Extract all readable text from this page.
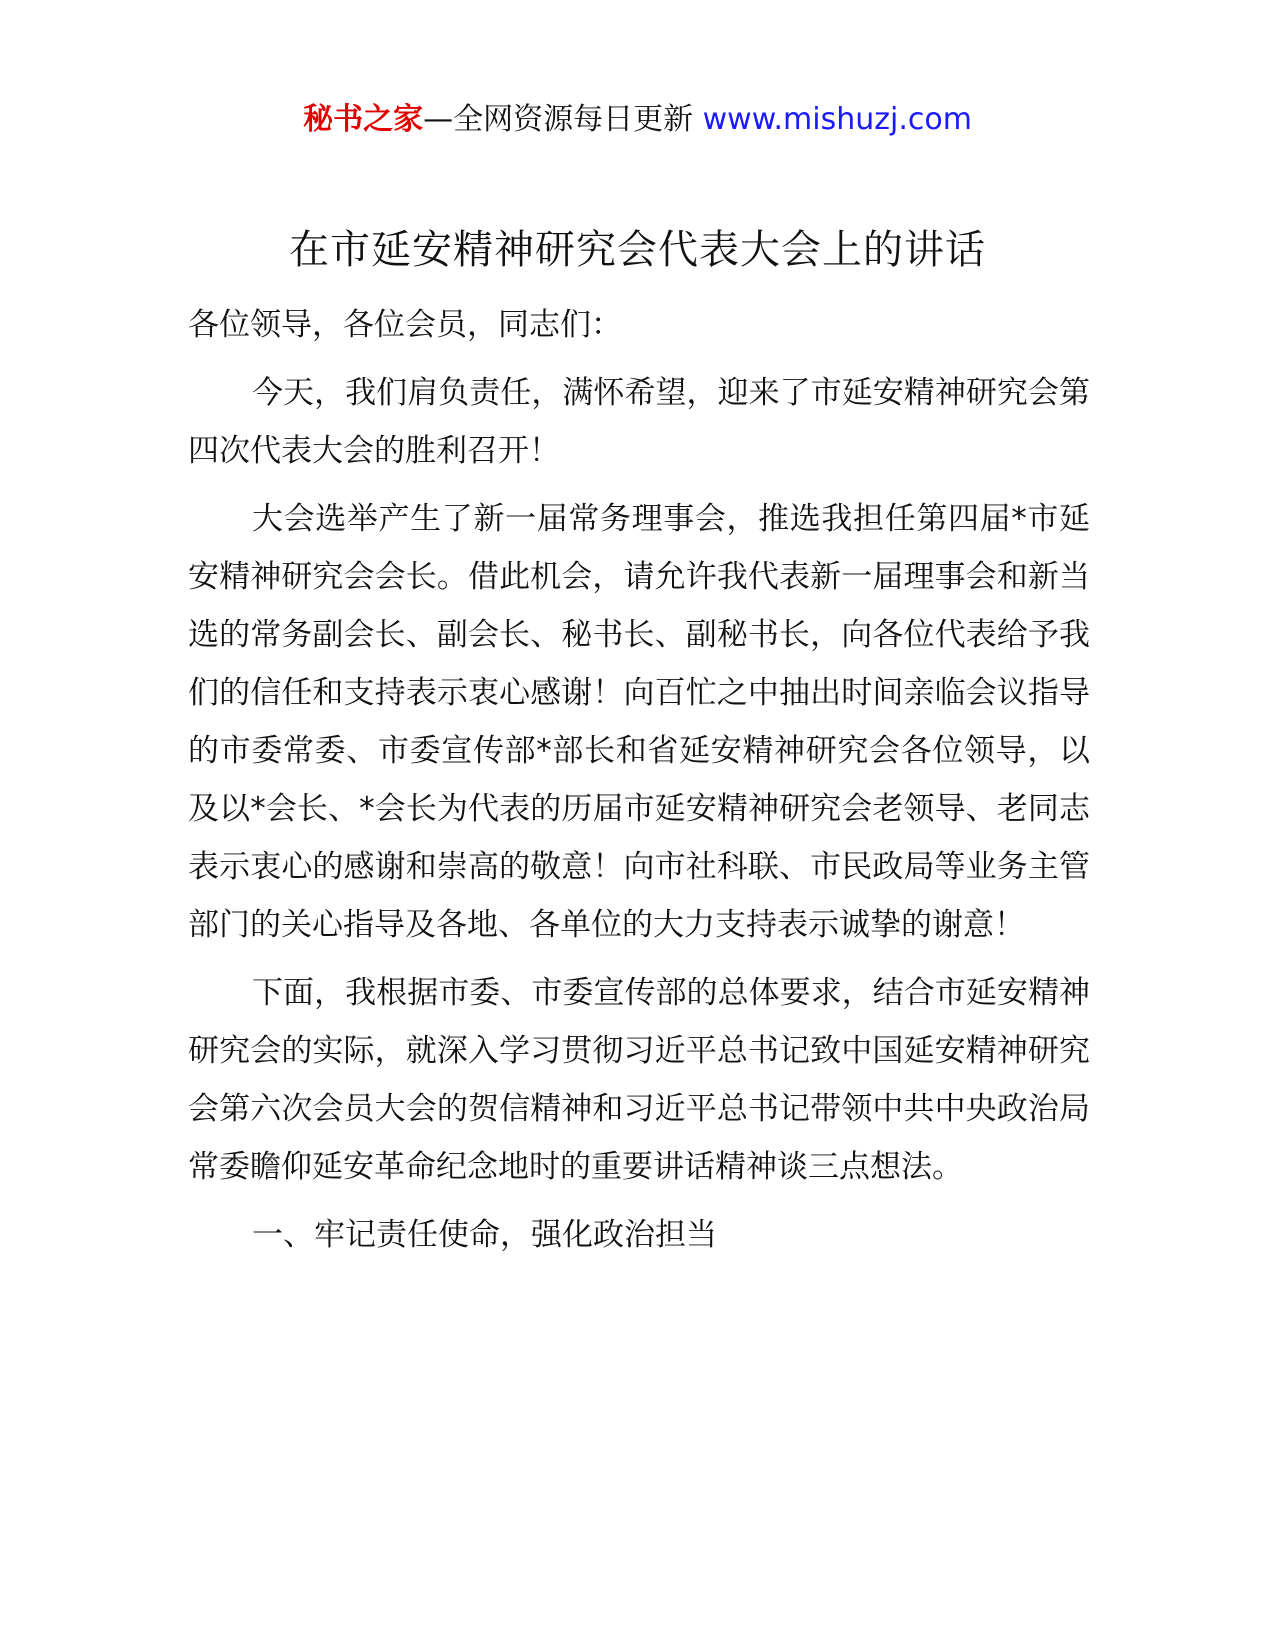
秘书之家—全网资源每日更新 www.mishuzj.com
在市延安精神研究会代表大会上的讲话

各位领导，各位会员，同志们：

今天，我们肩负责任，满怀希望，迎来了市延安精神研究会第四次代表大会的胜利召开！

大会选举产生了新一届常务理事会，推选我担任第四届*市延安精神研究会会长。借此机会，请允许我代表新一届理事会和新当选的常务副会长、副会长、秘书长、副秘书长，向各位代表给予我们的信任和支持表示衷心感谢！向百忙之中抽出时间亲临会议指导的市委常委、市委宣传部*部长和省延安精神研究会各位领导，以及以*会长、*会长为代表的历届市延安精神研究会老领导、老同志表示衷心的感谢和崇高的敬意！向市社科联、市民政局等业务主管部门的关心指导及各地、各单位的大力支持表示诚挚的谢意！

下面，我根据市委、市委宣传部的总体要求，结合市延安精神研究会的实际，就深入学习贯彻习近平总书记致中国延安精神研究会第六次会员大会的贺信精神和习近平总书记带领中共中央政治局常委瞻仰延安革命纪念地时的重要讲话精神谈三点想法。

一、牢记责任使命，强化政治担当
